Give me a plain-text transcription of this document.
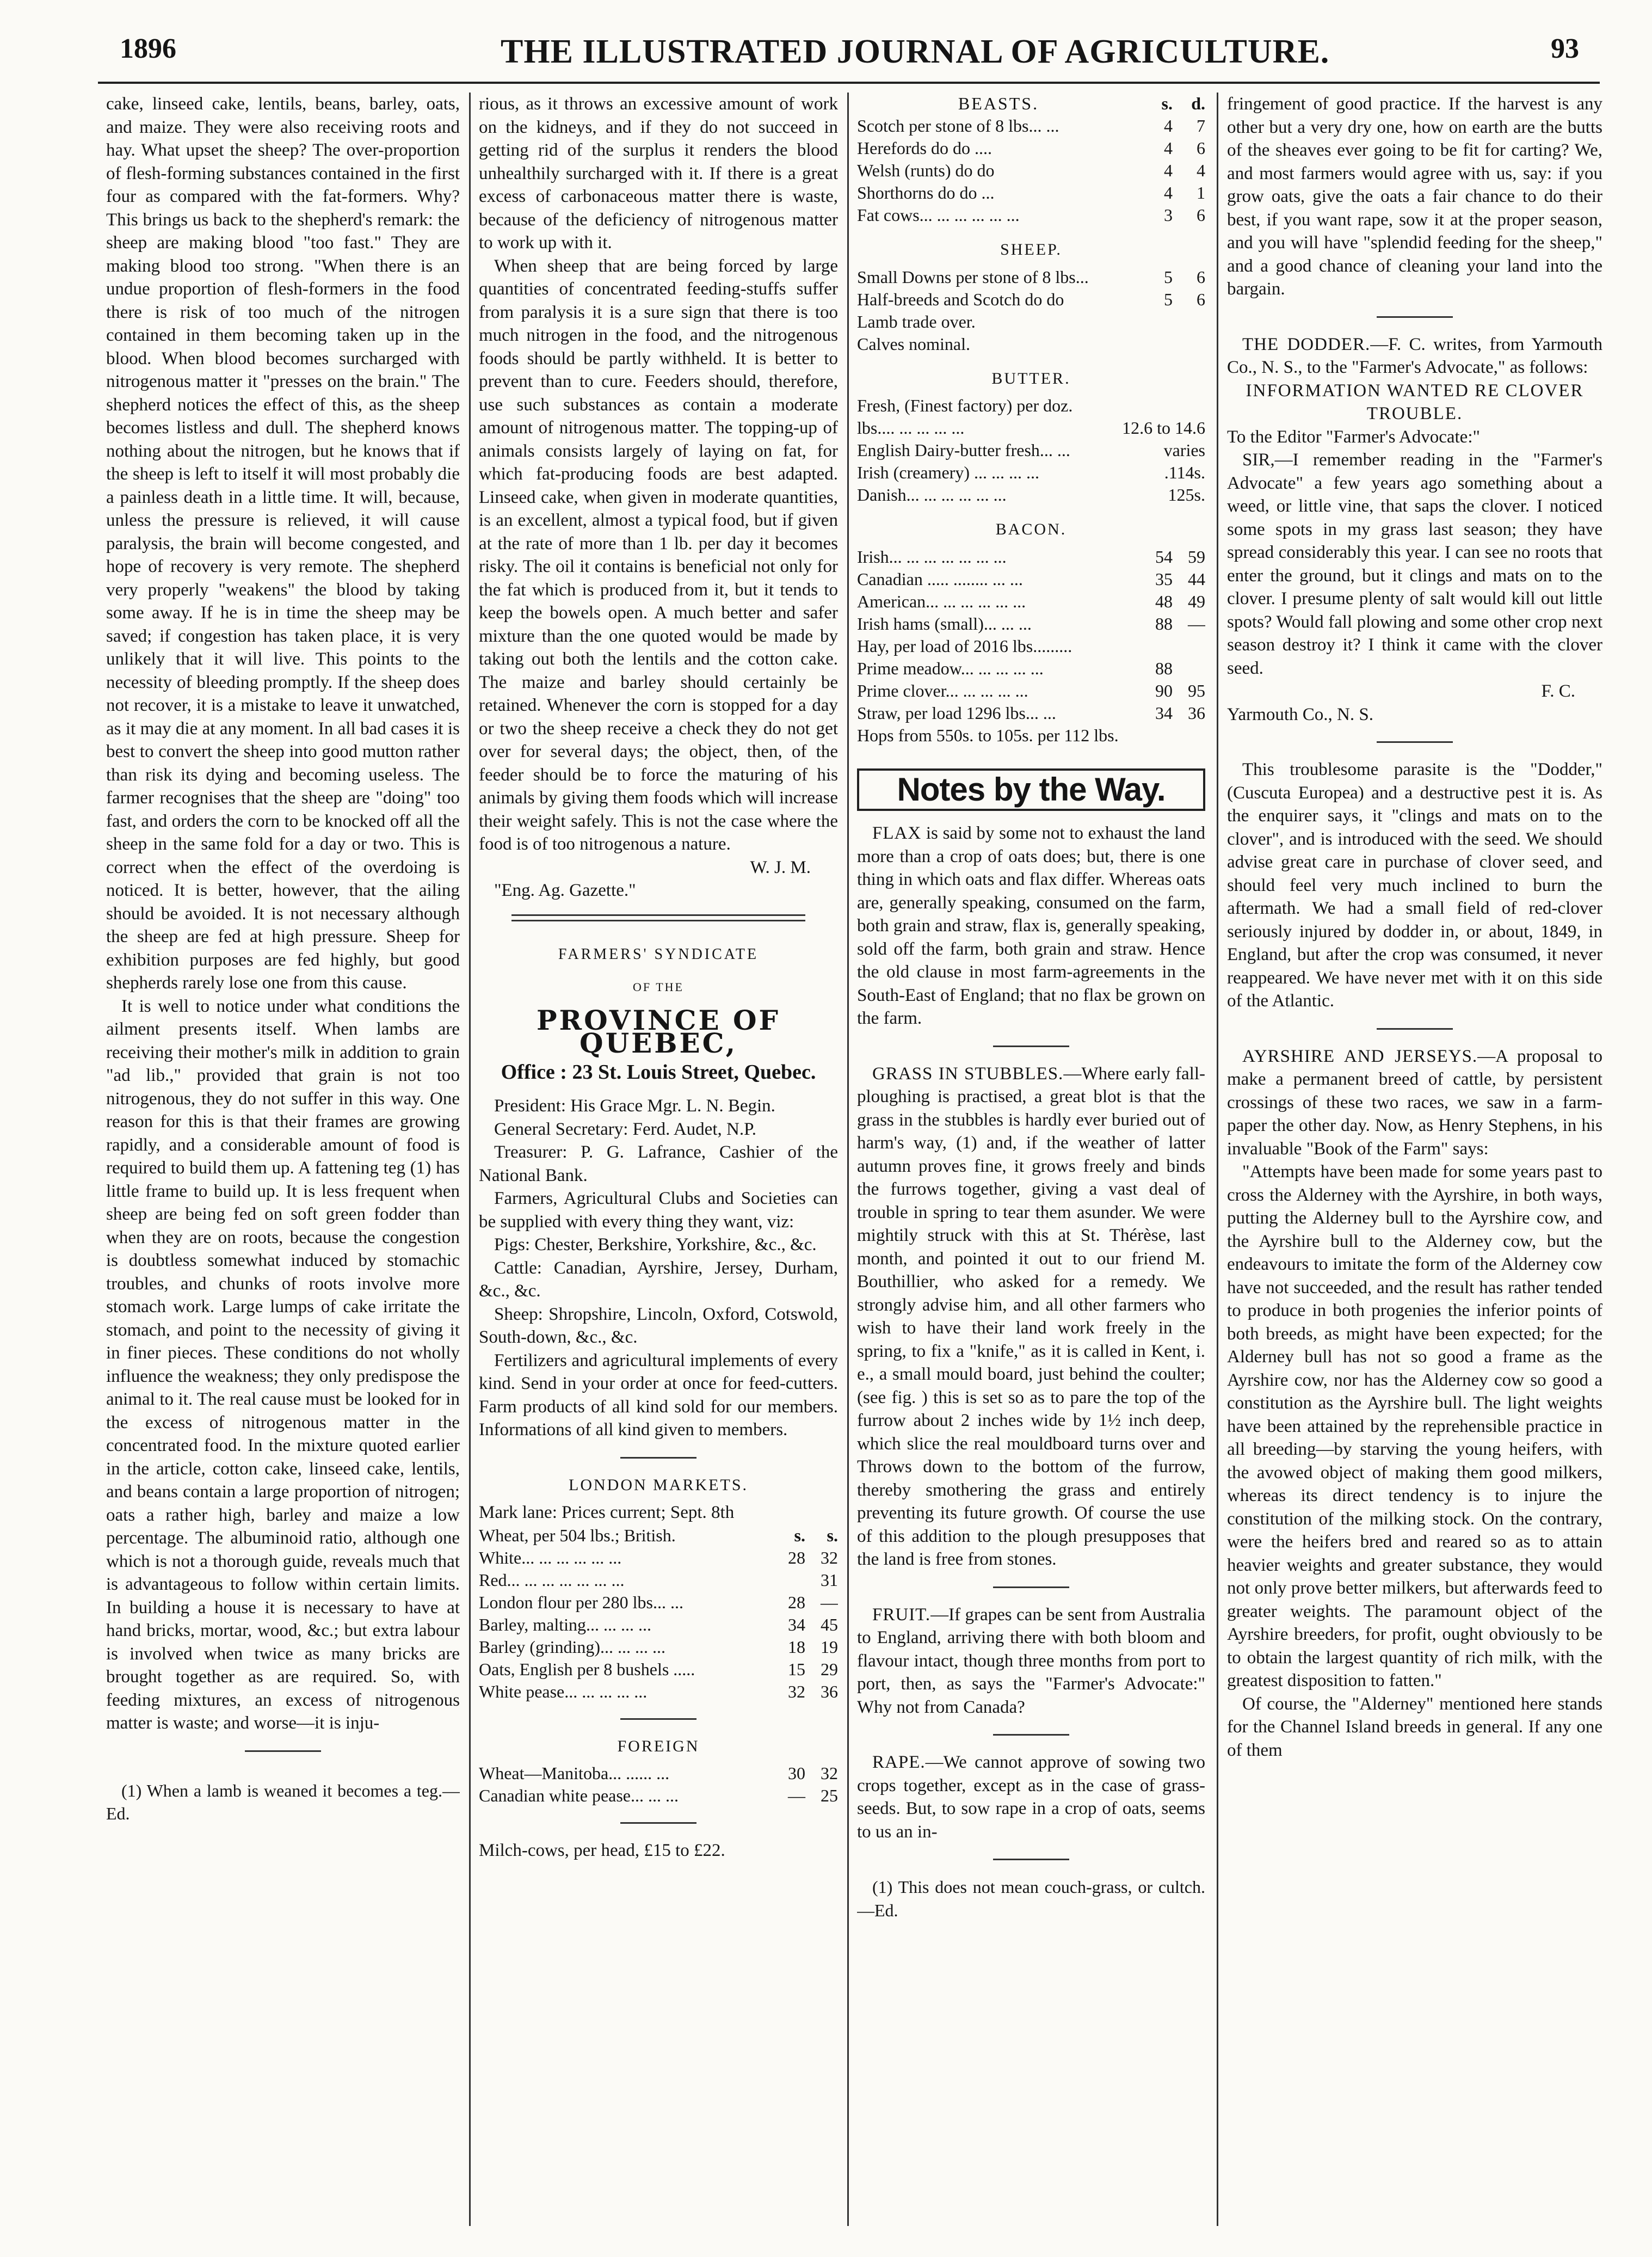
1896	THE ILLUSTRATED JOURNAL OF AGRICULTURE.	93

cake, linseed cake, lentils, beans, barley, oats, and maize. They were also receiving roots and hay. What upset the sheep? The over-proportion of flesh-forming substances contained in the first four as compared with the fat-formers. Why? This brings us back to the shepherd's remark: the sheep are making blood "too fast." They are making blood too strong. "When there is an undue proportion of flesh-formers in the food there is risk of too much of the nitrogen contained in them becoming taken up in the blood. When blood becomes surcharged with nitrogenous matter it "presses on the brain." The shepherd notices the effect of this, as the sheep becomes listless and dull. The shepherd knows nothing about the nitrogen, but he knows that if the sheep is left to itself it will most probably die a painless death in a little time. It will, because, unless the pressure is relieved, it will cause paralysis, the brain will become congested, and hope of recovery is very remote. The shepherd very properly "weakens" the blood by taking some away. If he is in time the sheep may be saved; if congestion has taken place, it is very unlikely that it will live. This points to the necessity of bleeding promptly. If the sheep does not recover, it is a mistake to leave it unwatched, as it may die at any moment. In all bad cases it is best to convert the sheep into good mutton rather than risk its dying and becoming useless. The farmer recognises that the sheep are "doing" too fast, and orders the corn to be knocked off all the sheep in the same fold for a day or two. This is correct when the effect of the overdoing is noticed. It is better, however, that the ailing should be avoided. It is not necessary although the sheep are fed at high pressure. Sheep for exhibition purposes are fed highly, but good shepherds rarely lose one from this cause.

It is well to notice under what conditions the ailment presents itself. When lambs are receiving their mother's milk in addition to grain "ad lib.," provided that grain is not too nitrogenous, they do not suffer in this way. One reason for this is that their frames are growing rapidly, and a considerable amount of food is required to build them up. A fattening teg (1) has little frame to build up. It is less frequent when sheep are being fed on soft green fodder than when they are on roots, because the congestion is doubtless somewhat induced by stomachic troubles, and chunks of roots involve more stomach work. Large lumps of cake irritate the stomach, and point to the necessity of giving it in finer pieces. These conditions do not wholly influence the weakness; they only predispose the animal to it. The real cause must be looked for in the excess of nitrogenous matter in the concentrated food. In the mixture quoted earlier in the article, cotton cake, linseed cake, lentils, and beans contain a large proportion of nitrogen; oats a rather high, barley and maize a low percentage. The albuminoid ratio, although one which is not a thorough guide, reveals much that is advantageous to follow within certain limits. In building a house it is necessary to have at hand bricks, mortar, wood, &c.; but extra labour is involved when twice as many bricks are brought together as are required. So, with feeding mixtures, an excess of nitrogenous matter is waste; and worse—it is inju-

(1) When a lamb is weaned it becomes a teg.—Ed.

rious, as it throws an excessive amount of work on the kidneys, and if they do not succeed in getting rid of the surplus it renders the blood unhealthily surcharged with it. If there is a great excess of carbonaceous matter there is waste, because of the deficiency of nitrogenous matter to work up with it.

When sheep that are being forced by large quantities of concentrated feeding-stuffs suffer from paralysis it is a sure sign that there is too much nitrogen in the food, and the nitrogenous foods should be partly withheld. It is better to prevent than to cure. Feeders should, therefore, use such substances as contain a moderate amount of nitrogenous matter. The topping-up of animals consists largely of laying on fat, for which fat-producing foods are best adapted. Linseed cake, when given in moderate quantities, is an excellent, almost a typical food, but if given at the rate of more than 1 lb. per day it becomes risky. The oil it contains is beneficial not only for the fat which is produced from it, but it tends to keep the bowels open. A much better and safer mixture than the one quoted would be made by taking out both the lentils and the cotton cake. The maize and barley should certainly be retained. Whenever the corn is stopped for a day or two the sheep receive a check they do not get over for several days; the object, then, of the feeder should be to force the maturing of his animals by giving them foods which will increase their weight safely. This is not the case where the food is of too nitrogenous a nature.

W. J. M.

"Eng. Ag. Gazette."

FARMERS' SYNDICATE
OF THE
PROVINCE OF QUEBEC,
Office : 23 St. Louis Street, Quebec.

President: His Grace Mgr. L. N. Begin.

General Secretary: Ferd. Audet, N.P.

Treasurer: P. G. Lafrance, Cashier of the National Bank.

Farmers, Agricultural Clubs and Societies can be supplied with every thing they want, viz:

Pigs: Chester, Berkshire, Yorkshire, &c., &c.

Cattle: Canadian, Ayrshire, Jersey, Durham, &c., &c.

Sheep: Shropshire, Lincoln, Oxford, Cotswold, South-down, &c., &c.

Fertilizers and agricultural implements of every kind. Send in your order at once for feed-cutters. Farm products of all kind sold for our members. Informations of all kind given to members.

LONDON MARKETS.

Mark lane: Prices current; Sept. 8th

Wheat, per 504 lbs.; British.	s.	s.
White... ... ... ... ... ...	28	32
Red... ... ... ... ... ... ...		31
London flour per 280 lbs... ...	28	—
Barley, malting... ... ... ...	34	45
Barley (grinding)... ... ... ...	18	19
Oats, English per 8 bushels .....	15	29
White pease... ... ... ... ...	32	36
FOREIGN
Wheat—Manitoba... ...... ...	30	32
Canadian white pease... ... ...	—	25

Milch-cows, per head, £15 to £22.

BEASTS.	s.	d.
Scotch per stone of 8 lbs... ...	4	7
Herefords do do ....	4	6
Welsh (runts) do do	4	4
Shorthorns do do ...	4	1
Fat cows... ... ... ... ... ...	3	6
SHEEP.
Small Downs per stone of 8 lbs...	5	6
Half-breeds and Scotch do do	5	6
Lamb trade over.		
Calves nominal.		
BUTTER.
Fresh, (Finest factory) per doz.	
lbs.... ... ... ... ...	12.6 to 14.6
English Dairy-butter fresh... ...	varies
Irish (creamery) ... ... ... ...	.114s.
Danish... ... ... ... ... ...	125s.
BACON.
Irish... ... ... ... ... ... ...	54	59
Canadian ..... ........ ... ...	35	44
American... ... ... ... ... ...	48	49
Irish hams (small)... ... ...	88	—
Hay, per load of 2016 lbs.........		
Prime meadow... ... ... ... ...	88	
Prime clover... ... ... ... ...	90	95
Straw, per load 1296 lbs... ...	34	36
Hops from 550s. to 105s. per 112 lbs.		
Notes by the Way.

FLAX is said by some not to exhaust the land more than a crop of oats does; but, there is one thing in which oats and flax differ. Whereas oats are, generally speaking, consumed on the farm, both grain and straw, flax is, generally speaking, sold off the farm, both grain and straw. Hence the old clause in most farm-agreements in the South-East of England; that no flax be grown on the farm.

GRASS IN STUBBLES.—Where early fall-ploughing is practised, a great blot is that the grass in the stubbles is hardly ever buried out of harm's way, (1) and, if the weather of latter autumn proves fine, it grows freely and binds the furrows together, giving a vast deal of trouble in spring to tear them asunder. We were mightily struck with this at St. Thérèse, last month, and pointed it out to our friend M. Bouthillier, who asked for a remedy. We strongly advise him, and all other farmers who wish to have their land work freely in the spring, to fix a "knife," as it is called in Kent, i. e., a small mould board, just behind the coulter; (see fig. ) this is set so as to pare the top of the furrow about 2 inches wide by 1½ inch deep, which slice the real mouldboard turns over and Throws down to the bottom of the furrow, thereby smothering the grass and entirely preventing its future growth. Of course the use of this addition to the plough presupposes that the land is free from stones.

FRUIT.—If grapes can be sent from Australia to England, arriving there with both bloom and flavour intact, though three months from port to port, then, as says the "Farmer's Advocate:" Why not from Canada?

RAPE.—We cannot approve of sowing two crops together, except as in the case of grass-seeds. But, to sow rape in a crop of oats, seems to us an in-

(1) This does not mean couch-grass, or cultch.—Ed.

fringement of good practice. If the harvest is any other but a very dry one, how on earth are the butts of the sheaves ever going to be fit for carting? We, and most farmers would agree with us, say: if you grow oats, give the oats a fair chance to do their best, if you want rape, sow it at the proper season, and you will have "splendid feeding for the sheep," and a good chance of cleaning your land into the bargain.

THE DODDER.—F. C. writes, from Yarmouth Co., N. S., to the "Farmer's Advocate," as follows:

INFORMATION WANTED RE CLOVER TROUBLE.

To the Editor "Farmer's Advocate:"

SIR,—I remember reading in the "Farmer's Advocate" a few years ago something about a weed, or little vine, that saps the clover. I noticed some spots in my grass last season; they have spread considerably this year. I can see no roots that enter the ground, but it clings and mats on to the clover. I presume plenty of salt would kill out little spots? Would fall plowing and some other crop next season destroy it? I think it came with the clover seed.

F. C.

Yarmouth Co., N. S.

This troublesome parasite is the "Dodder," (Cuscuta Europea) and a destructive pest it is. As the enquirer says, it "clings and mats on to the clover", and is introduced with the seed. We should advise great care in purchase of clover seed, and should feel very much inclined to burn the aftermath. We had a small field of red-clover seriously injured by dodder in, or about, 1849, in England, but after the crop was consumed, it never reappeared. We have never met with it on this side of the Atlantic.

AYRSHIRE AND JERSEYS.—A proposal to make a permanent breed of cattle, by persistent crossings of these two races, we saw in a farm-paper the other day. Now, as Henry Stephens, in his invaluable "Book of the Farm" says:

"Attempts have been made for some years past to cross the Alderney with the Ayrshire, in both ways, putting the Alderney bull to the Ayrshire cow, and the Ayrshire bull to the Alderney cow, but the endeavours to imitate the form of the Alderney cow have not succeeded, and the result has rather tended to produce in both progenies the inferior points of both breeds, as might have been expected; for the Alderney bull has not so good a frame as the Ayrshire cow, nor has the Alderney cow so good a constitution as the Ayrshire bull. The light weights have been attained by the reprehensible practice in all breeding—by starving the young heifers, with the avowed object of making them good milkers, whereas its direct tendency is to injure the constitution of the milking stock. On the contrary, were the heifers bred and reared so as to attain heavier weights and greater substance, they would not only prove better milkers, but afterwards feed to greater weights. The paramount object of the Ayrshire breeders, for profit, ought obviously to be to obtain the largest quantity of rich milk, with the greatest disposition to fatten."

Of course, the "Alderney" mentioned here stands for the Channel Island breeds in general. If any one of them
